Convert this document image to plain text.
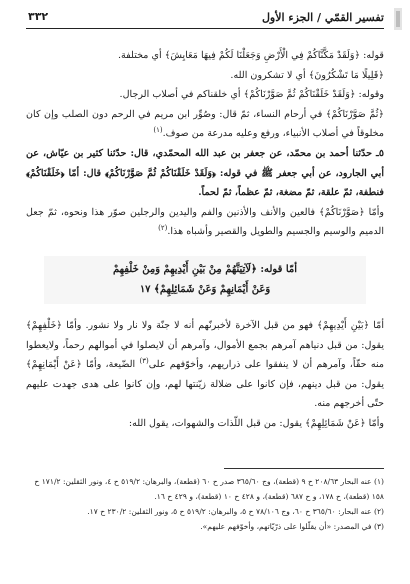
تفسير القمّي / الجزء الأول
٣٣٢

قوله: ﴿وَلَقَدْ مَكَّنَّاكُمْ فِي الْأَرْضِ وَجَعَلْنَا لَكُمْ فِيهَا مَعَايِشَ﴾ أي مختلفة.

﴿قَلِيلًا مَا تَشْكُرُونَ﴾ أي لا تشكرون الله.

وقوله: ﴿وَلَقَدْ خَلَقْنَاكُمْ ثُمَّ صَوَّرْنَاكُمْ﴾ أي خلقناكم في أصلاب الرجال.

﴿ثُمَّ صَوَّرْنَاكُمْ﴾ في أرحام النساء، ثمّ قال: وصُوِّر ابن مريم في الرحم دون الصلب وإن كان مخلوقاً في أصلاب الأنبياء، ورفع وعليه مدرعة من صوف.$^{(١)}$

٥ـ حدّثنا أحمد بن محمّد، عن جعفر بن عبد الله المحمّدي، قال: حدّثنا كثير بن عيّاش، عن أبي الجارود، عن أبي جعفر ﷺ في قوله: ﴿وَلَقَدْ خَلَقْنَاكُمْ ثُمَّ صَوَّرْنَاكُمْ﴾ قال: أمّا ﴿خَلَقْنَاكُمْ﴾ فنطفة، ثمّ علقة، ثمّ مضغة، ثمّ عظماً، ثمّ لحماً.

وأمّا ﴿صَوَّرْنَاكُمْ﴾ فالعين والأنف والأذنين والفم واليدين والرجلين صوّر هذا ونحوه، ثمّ جعل الدميم والوسيم والجسيم والطويل والقصير وأشباه هذا.$^{(٢)}$

أمّا قوله: ﴿لَآتِيَنَّهُمْ مِنْ بَيْنِ أَيْدِيهِمْ وَمِنْ خَلْفِهِمْ
وَعَنْ أَيْمَانِهِمْ وَعَنْ شَمَائِلِهِمْ﴾ ١٧

أمّا ﴿بَيْنِ أَيْدِيهِمْ﴾ فهو من قبل الآخرة لأخبرنّهم أنه لا جنّة ولا نار ولا نشور. وأمّا ﴿خَلْفِهِمْ﴾ يقول: من قبل دنياهم آمرهم بجمع الأموال، وآمرهم أن لايصلوا في أموالهم رحماً، ولايعطوا منه حقّاً، وآمرهم أن لا ينفقوا على ذراريهم، وأخوّفهم على$^{(٣)}$ الضّيعة، وأمّا ﴿عَنْ أَيْمَانِهِمْ﴾ يقول: من قبل دينهم، فإن كانوا على ضلالة زيّنتها لهم، وإن كانوا على هدى جهدت عليهم حتّى أخرجهم منه.

وأمّا ﴿عَنْ شَمَائِلِهِمْ﴾ يقول: من قبل اللّذات والشهوات، يقول الله:

(١) عنه البحار ٢٠٨/٦٣ ح ٩ (قطعة)، وج ٣٦٥/٦٠ صدر ح ٦٠ (قطعة)، والبرهان: ٥١٩/٢ ح ٤، ونور الثقلين: ١٧١/٢ ح ١٥٨ (قطعة)، ح ١٧٨، و ح ٦٨٧ (قطعة)، و ٤٢٨ ح ١٠ (قطعة)، و ٤٢٩ ح ١٦.
(٢) عنه البحار: ٣٦٥/٦٠ ح ٦٠، وج ٧٨/١٠٦ ح ٥، والبرهان: ٥١٩/٢ ح ٥، ونور الثقلين: ٢٣٠/٢ ح ١٧.
(٣) في المصدر: «أن يقلّلوا على ذرّيّاتهم، وأخوّفهم عليهم».
